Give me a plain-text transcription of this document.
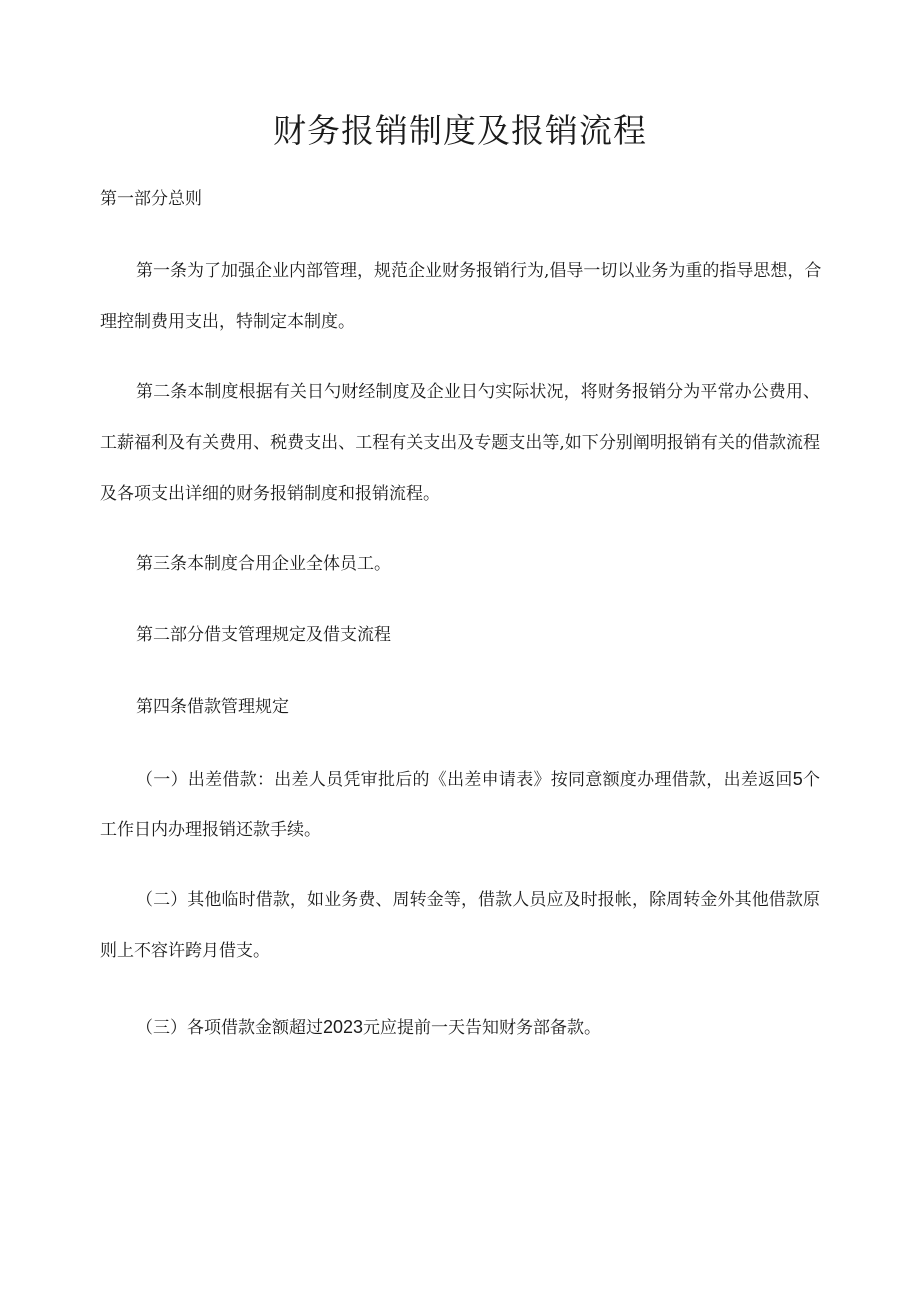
财务报销制度及报销流程

第一部分总则

第一条为了加强企业内部管理，规范企业财务报销行为,倡导一切以业务为重的指导思想，合

理控制费用支出，特制定本制度。

第二条本制度根据有关日勺财经制度及企业日勺实际状况，将财务报销分为平常办公费用、

工薪福利及有关费用、税费支出、工程有关支出及专题支出等,如下分别阐明报销有关的借款流程

及各项支出详细的财务报销制度和报销流程。

第三条本制度合用企业全体员工。

第二部分借支管理规定及借支流程

第四条借款管理规定

（一）出差借款：出差人员凭审批后的《出差申请表》按同意额度办理借款，出差返回5个

工作日内办理报销还款手续。

（二）其他临时借款，如业务费、周转金等，借款人员应及时报帐，除周转金外其他借款原

则上不容许跨月借支。

（三）各项借款金额超过2023元应提前一天告知财务部备款。
